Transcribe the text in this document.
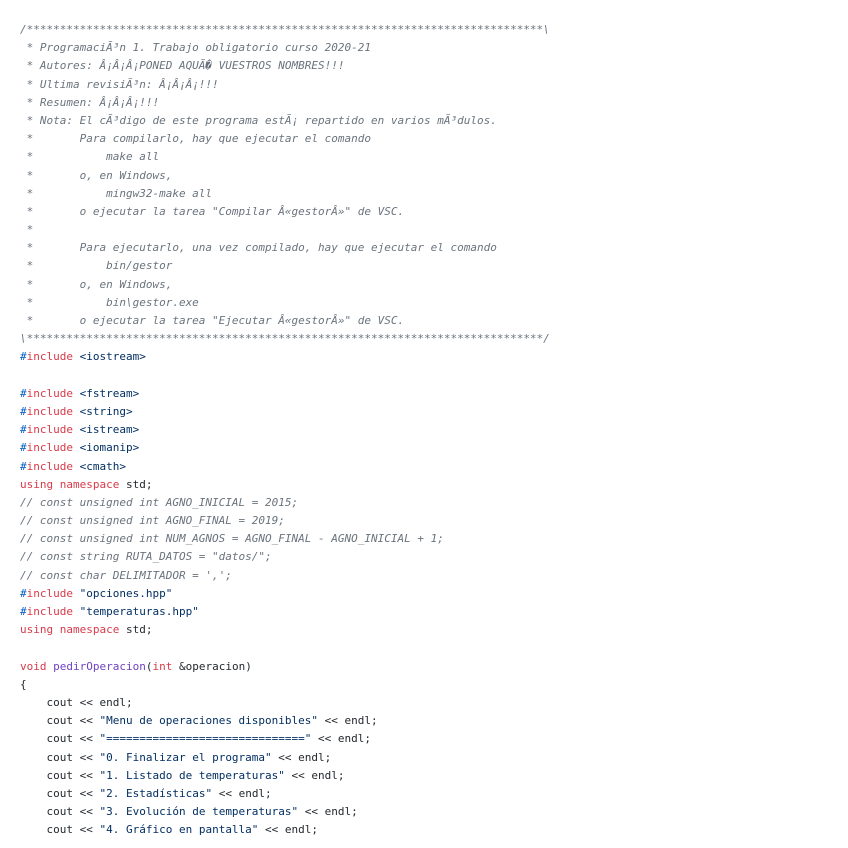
/******************************************************************************\
* ProgramaciÃ³n 1. Trabajo obligatorio curso 2020-21
* Autores: Â¡Â¡Â¡PONED AQUÃ� VUESTROS NOMBRES!!!
* Ultima revisiÃ³n: Â¡Â¡Â¡!!!
* Resumen: Â¡Â¡Â¡!!!
* Nota: El cÃ³digo de este programa estÃ¡ repartido en varios mÃ³dulos.
*       Para compilarlo, hay que ejecutar el comando
*           make all
*       o, en Windows,
*           mingw32-make all
*       o ejecutar la tarea "Compilar Â«gestorÂ»" de VSC.
*
*       Para ejecutarlo, una vez compilado, hay que ejecutar el comando
*           bin/gestor
*       o, en Windows,
*           bin\gestor.exe
*       o ejecutar la tarea "Ejecutar Â«gestorÂ»" de VSC.
\******************************************************************************/
#include <iostream>
#include <fstream>
#include <string>
#include <istream>
#include <iomanip>
#include <cmath>
using namespace std;
// const unsigned int AGNO_INICIAL = 2015;
// const unsigned int AGNO_FINAL = 2019;
// const unsigned int NUM_AGNOS = AGNO_FINAL - AGNO_INICIAL + 1;
// const string RUTA_DATOS = "datos/";
// const char DELIMITADOR = ',';
#include "opciones.hpp"
#include "temperaturas.hpp"
using namespace std;
void pedirOperacion(int &operacion)
{
cout << endl;
cout << "Menu de operaciones disponibles" << endl;
cout << "==============================" << endl;
cout << "0. Finalizar el programa" << endl;
cout << "1. Listado de temperaturas" << endl;
cout << "2. Estadísticas" << endl;
cout << "3. Evolución de temperaturas" << endl;
cout << "4. Gráfico en pantalla" << endl;
